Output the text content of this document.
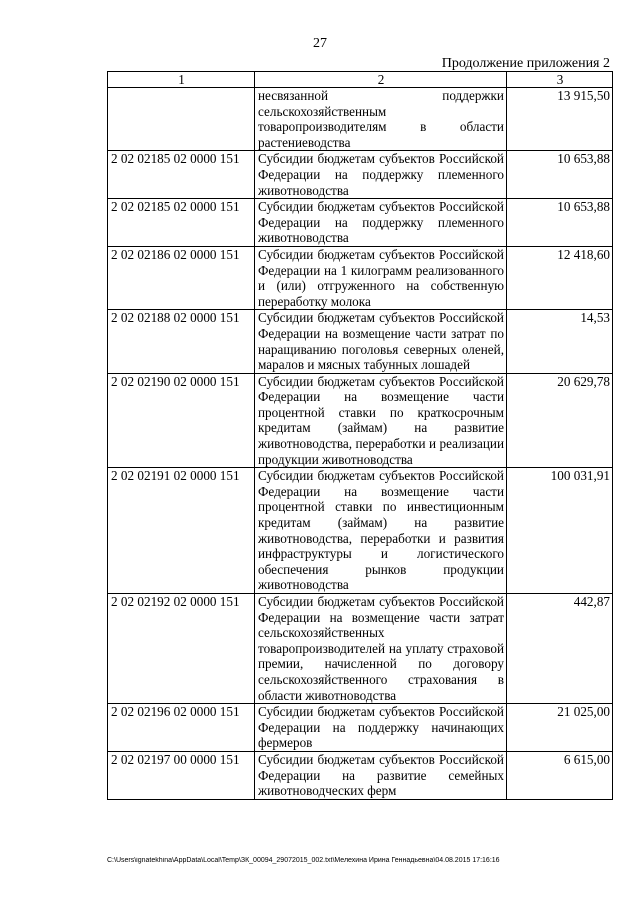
27
Продолжение приложения 2
1	2	3
	несвязанной поддержки сельскохозяйственным товаропроизводителям в области растениеводства	13 915,50
2 02 02185 02 0000 151	Субсидии бюджетам субъектов Российской Федерации на поддержку племенного животноводства	10 653,88
2 02 02185 02 0000 151	Субсидии бюджетам субъектов Российской Федерации на поддержку племенного животноводства	10 653,88
2 02 02186 02 0000 151	Субсидии бюджетам субъектов Российской Федерации на 1 килограмм реализованного и (или) отгруженного на собственную переработку молока	12 418,60
2 02 02188 02 0000 151	Субсидии бюджетам субъектов Российской Федерации на возмещение части затрат по наращиванию поголовья северных оленей, маралов и мясных табунных лошадей	14,53
2 02 02190 02 0000 151	Субсидии бюджетам субъектов Российской Федерации на возмещение части процентной ставки по краткосрочным кредитам (займам) на развитие животноводства, переработки и реализации продукции животноводства	20 629,78
2 02 02191 02 0000 151	Субсидии бюджетам субъектов Российской Федерации на возмещение части процентной ставки по инвестиционным кредитам (займам) на развитие животноводства, переработки и развития инфраструктуры и логистического обеспечения рынков продукции животноводства	100 031,91
2 02 02192 02 0000 151	Субсидии бюджетам субъектов Российской Федерации на возмещение части затрат сельскохозяйственных товаропроизводителей на уплату страховой премии, начисленной по договору сельскохозяйственного страхования в области животноводства	442,87
2 02 02196 02 0000 151	Субсидии бюджетам субъектов Российской Федерации на поддержку начинающих фермеров	21 025,00
2 02 02197 00 0000 151	Субсидии бюджетам субъектов Российской Федерации на развитие семейных животноводческих ферм	6 615,00
C:\Users\ignatekhina\AppData\Local\Temp\ЗК_00094_29072015_002.txt\Мелехина Ирина Геннадьевна\04.08.2015 17:16:16
